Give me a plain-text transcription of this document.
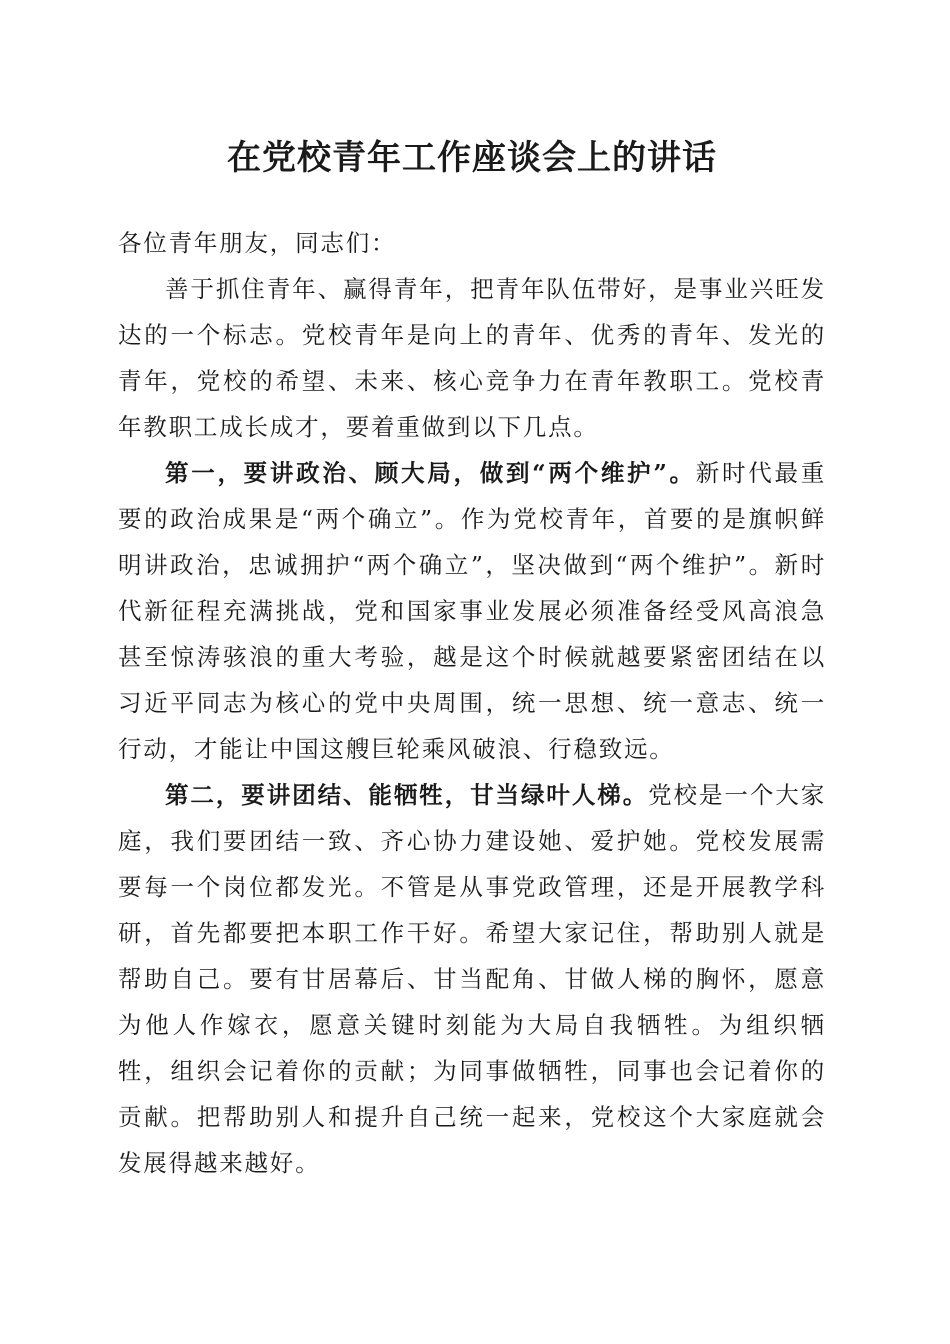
在党校青年工作座谈会上的讲话

各位青年朋友，同志们：

善于抓住青年、赢得青年，把青年队伍带好，是事业兴旺发达的一个标志。党校青年是向上的青年、优秀的青年、发光的青年，党校的希望、未来、核心竞争力在青年教职工。党校青年教职工成长成才，要着重做到以下几点。

第一，要讲政治、顾大局，做到“两个维护”。新时代最重要的政治成果是“两个确立”。作为党校青年，首要的是旗帜鲜明讲政治，忠诚拥护“两个确立”，坚决做到“两个维护”。新时代新征程充满挑战，党和国家事业发展必须准备经受风高浪急甚至惊涛骇浪的重大考验，越是这个时候就越要紧密团结在以习近平同志为核心的党中央周围，统一思想、统一意志、统一行动，才能让中国这艘巨轮乘风破浪、行稳致远。

第二，要讲团结、能牺牲，甘当绿叶人梯。党校是一个大家庭，我们要团结一致、齐心协力建设她、爱护她。党校发展需要每一个岗位都发光。不管是从事党政管理，还是开展教学科研，首先都要把本职工作干好。希望大家记住，帮助别人就是帮助自己。要有甘居幕后、甘当配角、甘做人梯的胸怀，愿意为他人作嫁衣，愿意关键时刻能为大局自我牺牲。为组织牺牲，组织会记着你的贡献；为同事做牺牲，同事也会记着你的贡献。把帮助别人和提升自己统一起来，党校这个大家庭就会发展得越来越好。
